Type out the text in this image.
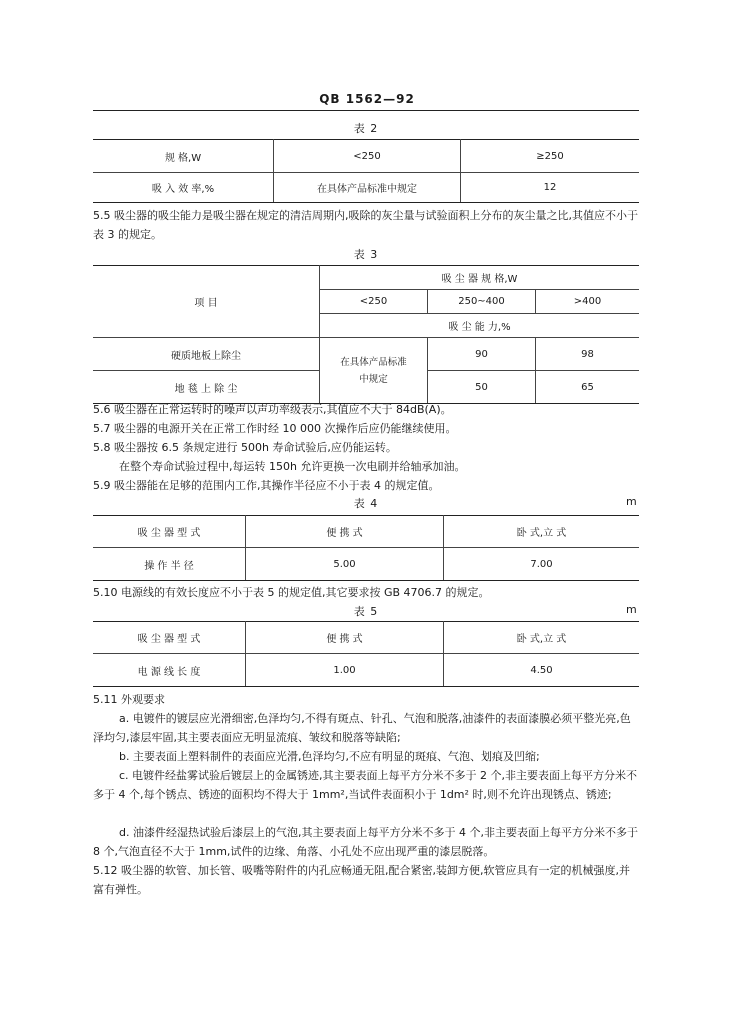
QB 1562—92
表 2
规 格,W	<250	≥250
吸 入 效 率,%	在具体产品标准中规定	12
5.5 吸尘器的吸尘能力是吸尘器在规定的清洁周期内,吸除的灰尘量与试验面积上分布的灰尘量之比,其值应不小于表 3 的规定。
表 3
项 目	吸 尘 器 规 格,W		
	<250	250~400	>400
	吸 尘 能 力,%		
硬质地板上除尘	在具体产品标准中规定	90	98
地 毯 上 除 尘		50	65
5.6 吸尘器在正常运转时的噪声以声功率级表示,其值应不大于 84dB(A)。
5.7 吸尘器的电源开关在正常工作时经 10 000 次操作后应仍能继续使用。
5.8 吸尘器按 6.5 条规定进行 500h 寿命试验后,应仍能运转。
在整个寿命试验过程中,每运转 150h 允许更换一次电刷并给轴承加油。
5.9 吸尘器能在足够的范围内工作,其操作半径应不小于表 4 的规定值。
表 4	m
吸 尘 器 型 式	便 携 式	卧 式,立 式
操 作 半 径	5.00	7.00
5.10 电源线的有效长度应不小于表 5 的规定值,其它要求按 GB 4706.7 的规定。
表 5	m
吸 尘 器 型 式	便 携 式	卧 式,立 式
电 源 线 长 度	1.00	4.50
5.11 外观要求
a. 电镀件的镀层应光滑细密,色泽均匀,不得有斑点、针孔、气泡和脱落,油漆件的表面漆膜必须平整光亮,色泽均匀,漆层牢固,其主要表面应无明显流痕、皱纹和脱落等缺陷;
b. 主要表面上塑料制件的表面应光滑,色泽均匀,不应有明显的斑痕、气泡、划痕及凹缩;
c. 电镀件经盐雾试验后镀层上的金属锈迹,其主要表面上每平方分米不多于 2 个,非主要表面上每平方分米不多于 4 个,每个锈点、锈迹的面积均不得大于 1mm²,当试件表面积小于 1dm² 时,则不允许出现锈点、锈迹;
d. 油漆件经湿热试验后漆层上的气泡,其主要表面上每平方分米不多于 4 个,非主要表面上每平方分米不多于 8 个,气泡直径不大于 1mm,试件的边缘、角落、小孔处不应出现严重的漆层脱落。
5.12 吸尘器的软管、加长管、吸嘴等附件的内孔应畅通无阻,配合紧密,装卸方便,软管应具有一定的机械强度,并富有弹性。
